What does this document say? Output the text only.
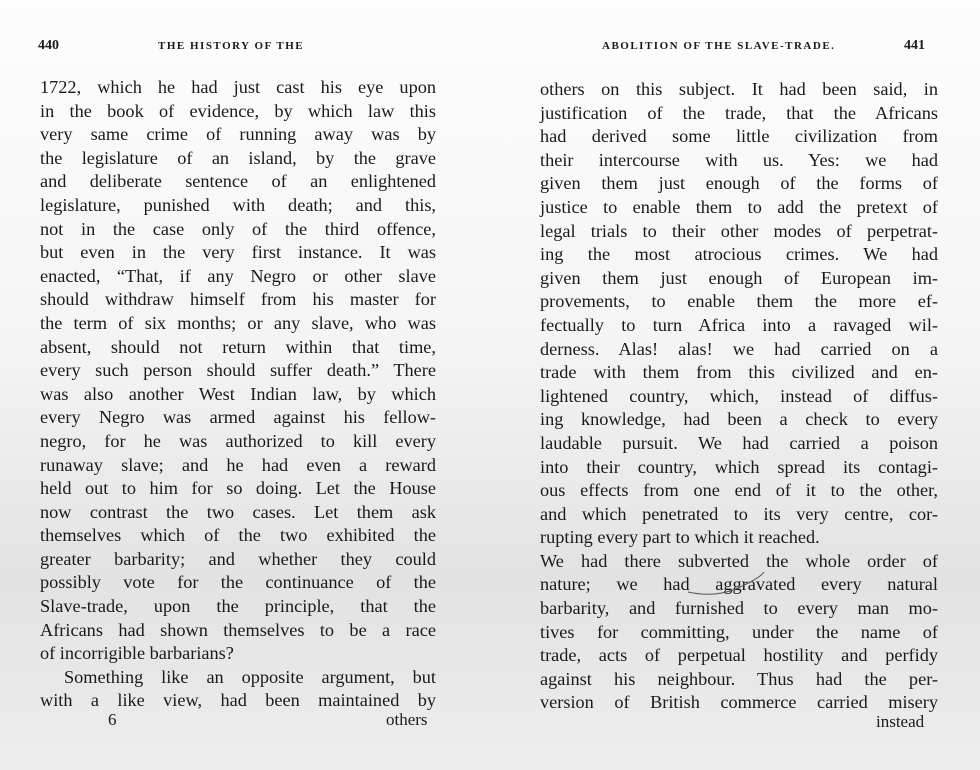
440	THE HISTORY OF THE
1722, which he had just cast his eye upon
in the book of evidence, by which law this
very same crime of running away was by
the legislature of an island, by the grave
and deliberate sentence of an enlightened
legislature, punished with death; and this,
not in the case only of the third offence,
but even in the very first instance. It was
enacted, “That, if any Negro or other slave
should withdraw himself from his master for
the term of six months; or any slave, who was
absent, should not return within that time,
every such person should suffer death.” There
was also another West Indian law, by which
every Negro was armed against his fellow-
negro, for he was authorized to kill every
runaway slave; and he had even a reward
held out to him for so doing. Let the House
now contrast the two cases. Let them ask
themselves which of the two exhibited the
greater barbarity; and whether they could
possibly vote for the continuance of the
Slave-trade, upon the principle, that the
Africans had shown themselves to be a race
of incorrigible barbarians?
Something like an opposite argument, but
with a like view, had been maintained by
6	others
ABOLITION OF THE SLAVE-TRADE.	441
others on this subject. It had been said, in
justification of the trade, that the Africans
had derived some little civilization from
their intercourse with us. Yes: we had
given them just enough of the forms of
justice to enable them to add the pretext of
legal trials to their other modes of perpetrat-
ing the most atrocious crimes. We had
given them just enough of European im-
provements, to enable them the more ef-
fectually to turn Africa into a ravaged wil-
derness. Alas! alas! we had carried on a
trade with them from this civilized and en-
lightened country, which, instead of diffus-
ing knowledge, had been a check to every
laudable pursuit. We had carried a poison
into their country, which spread its contagi-
ous effects from one end of it to the other,
and which penetrated to its very centre, cor-
rupting every part to which it reached.
We had there subverted the whole order of
nature; we had aggravated every natural
barbarity, and furnished to every man mo-
tives for committing, under the name of
trade, acts of perpetual hostility and perfidy
against his neighbour. Thus had the per-
version of British commerce carried misery
instead
